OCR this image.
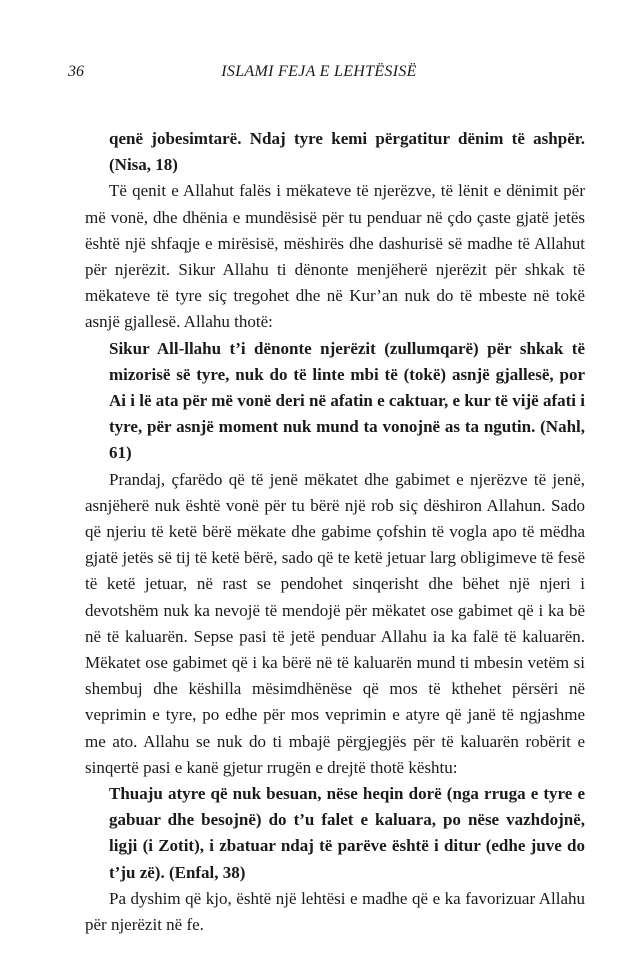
36	ISLAMI FEJA E LEHTËSISË

qenë jobesimtarë. Ndaj tyre kemi përgatitur dënim të ashpër. (Nisa, 18)

Të qenit e Allahut falës i mëkateve të njerëzve, të lënit e dënimit për më vonë, dhe dhënia e mundësisë për tu penduar në çdo çaste gjatë jetës është një shfaqje e mirësisë, mëshirës dhe dashurisë së madhe të Allahut për njerëzit. Sikur Allahu ti dënonte menjëherë njerëzit për shkak të mëkateve të tyre siç tregohet dhe në Kur’an nuk do të mbeste në tokë asnjë gjallesë. Allahu thotë:

Sikur All-llahu t’i dënonte njerëzit (zullumqarë) për shkak të mizorisë së tyre, nuk do të linte mbi të (tokë) asnjë gjallesë, por Ai i lë ata për më vonë deri në afatin e caktuar, e kur të vijë afati i tyre, për asnjë moment nuk mund ta vonojnë as ta ngutin. (Nahl, 61)

Prandaj, çfarëdo që të jenë mëkatet dhe gabimet e njerëzve të jenë, asnjëherë nuk është vonë për tu bërë një rob siç dëshiron Allahun. Sado që njeriu të ketë bërë mëkate dhe gabime çofshin të vogla apo të mëdha gjatë jetës së tij të ketë bërë, sado që te ketë jetuar larg obligimeve të fesë të ketë jetuar, në rast se pendohet sinqerisht dhe bëhet një njeri i devotshëm nuk ka nevojë të mendojë për mëkatet ose gabimet që i ka bë në të kaluarën. Sepse pasi të jetë penduar Allahu ia ka falë të kaluarën. Mëkatet ose gabimet që i ka bërë në të kaluarën mund ti mbesin vetëm si shembuj dhe këshilla mësimdhënëse që mos të kthehet përsëri në veprimin e tyre, po edhe për mos veprimin e atyre që janë të ngjashme me ato. Allahu se nuk do ti mbajë përgjegjës për të kaluarën robërit e sinqertë pasi e kanë gjetur rrugën e drejtë thotë kështu:

Thuaju atyre që nuk besuan, nëse heqin dorë (nga rruga e tyre e gabuar dhe besojnë) do t’u falet e kaluara, po nëse vazhdojnë, ligji (i Zotit), i zbatuar ndaj të parëve është i ditur (edhe juve do t’ju zë). (Enfal, 38)

Pa dyshim që kjo, është një lehtësi e madhe që e ka favorizuar Allahu për njerëzit në fe.
